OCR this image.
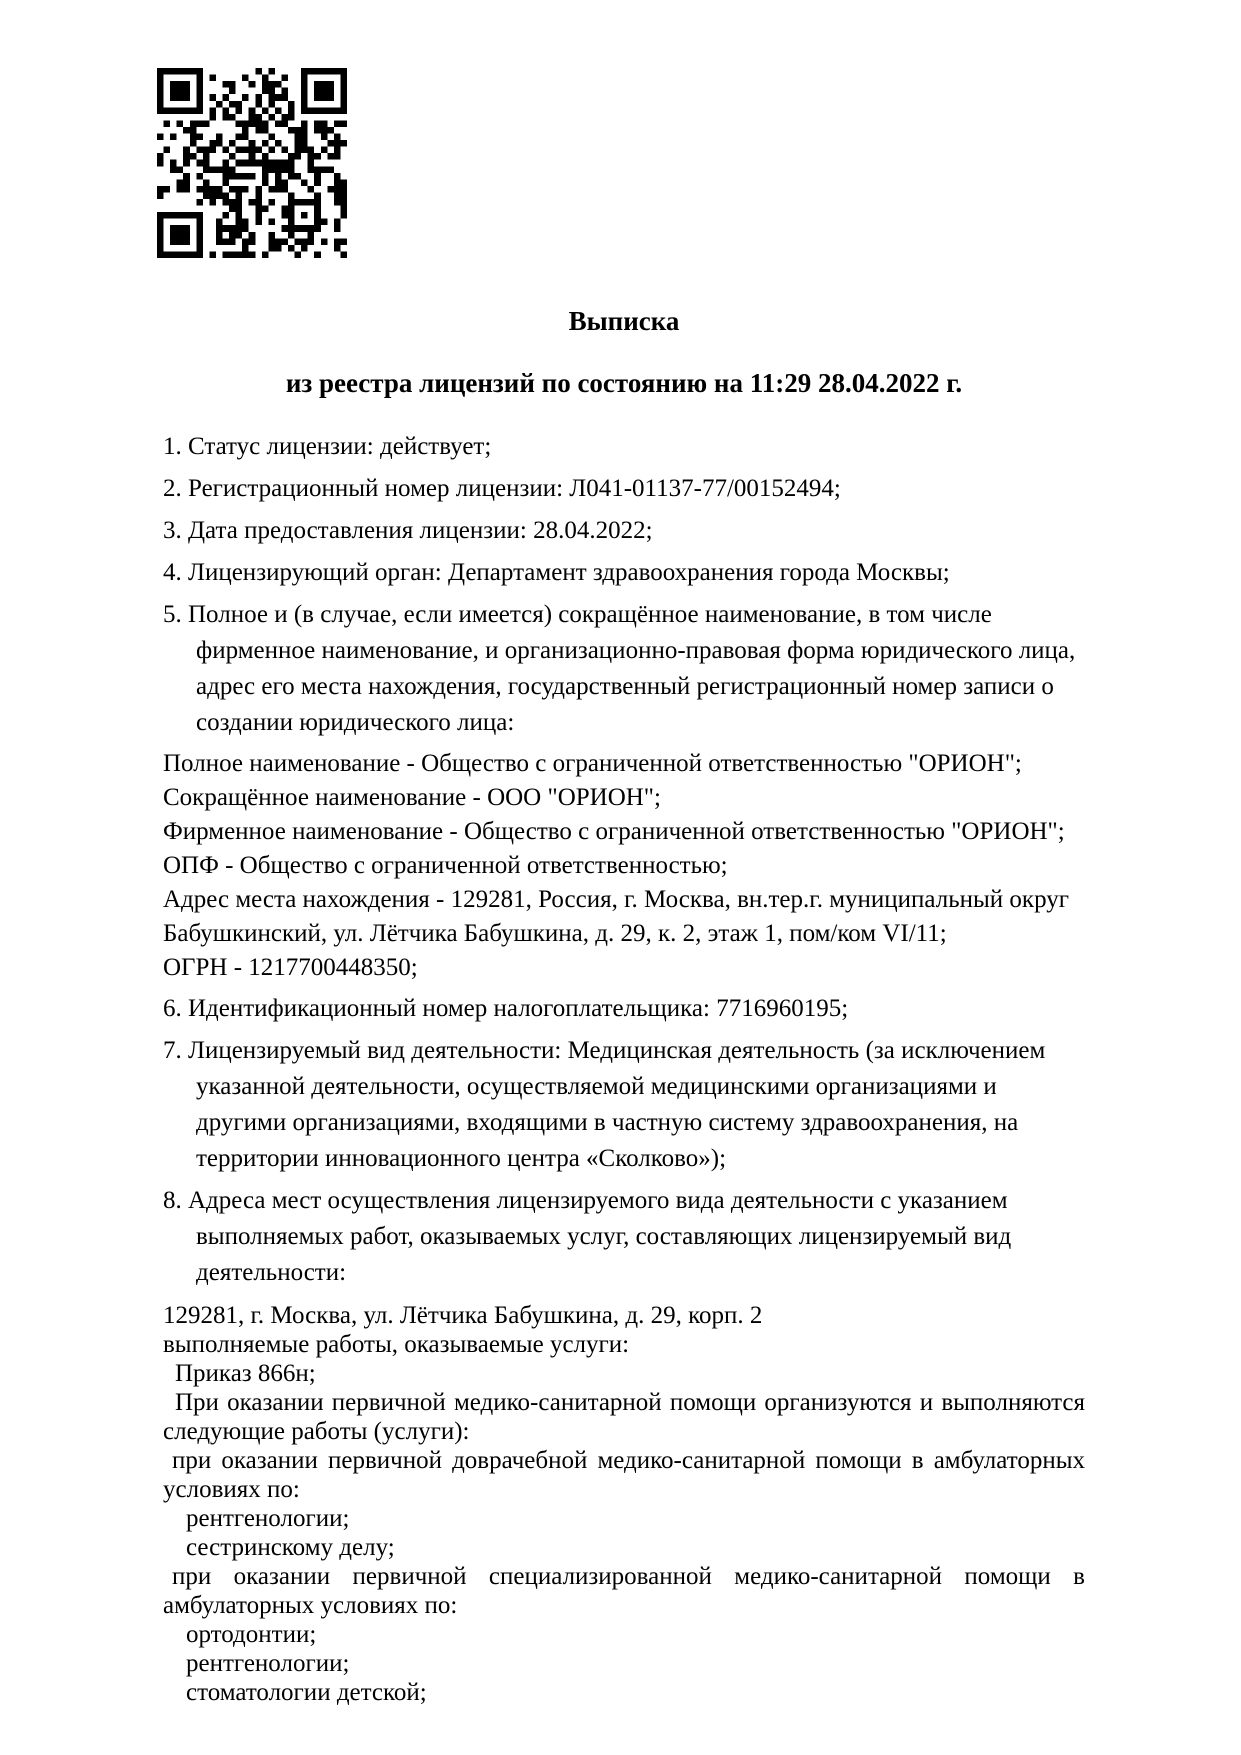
Выписка

из реестра лицензий по состоянию на 11:29 28.04.2022 г.

1. Статус лицензии: действует;

2. Регистрационный номер лицензии: Л041-01137-77/00152494;

3. Дата предоставления лицензии: 28.04.2022;

4. Лицензирующий орган: Департамент здравоохранения города Москвы;

5. Полное и (в случае, если имеется) сокращённое наименование, в том числе фирменное наименование, и организационно-правовая форма юридического лица, адрес его места нахождения, государственный регистрационный номер записи о создании юридического лица:

Полное наименование - Общество с ограниченной ответственностью "ОРИОН";

Сокращённое наименование - ООО "ОРИОН";

Фирменное наименование - Общество с ограниченной ответственностью "ОРИОН";

ОПФ - Общество с ограниченной ответственностью;

Адрес места нахождения - 129281, Россия, г. Москва, вн.тер.г. муниципальный округ Бабушкинский, ул. Лётчика Бабушкина, д. 29, к. 2, этаж 1, пом/ком VI/11;

ОГРН - 1217700448350;

6. Идентификационный номер налогоплательщика: 7716960195;

7. Лицензируемый вид деятельности: Медицинская деятельность (за исключением указанной деятельности, осуществляемой медицинскими организациями и другими организациями, входящими в частную систему здравоохранения, на территории инновационного центра «Сколково»);

8. Адреса мест осуществления лицензируемого вида деятельности с указанием выполняемых работ, оказываемых услуг, составляющих лицензируемый вид деятельности:

129281, г. Москва, ул. Лётчика Бабушкина, д. 29, корп. 2

выполняемые работы, оказываемые услуги:

Приказ 866н;

При оказании первичной медико-санитарной помощи организуются и выполняются следующие работы (услуги):

при оказании первичной доврачебной медико-санитарной помощи в амбулаторных условиях по:

рентгенологии;

сестринскому делу;

при оказании первичной специализированной медико-санитарной помощи в амбулаторных условиях по:

ортодонтии;

рентгенологии;

стоматологии детской;
